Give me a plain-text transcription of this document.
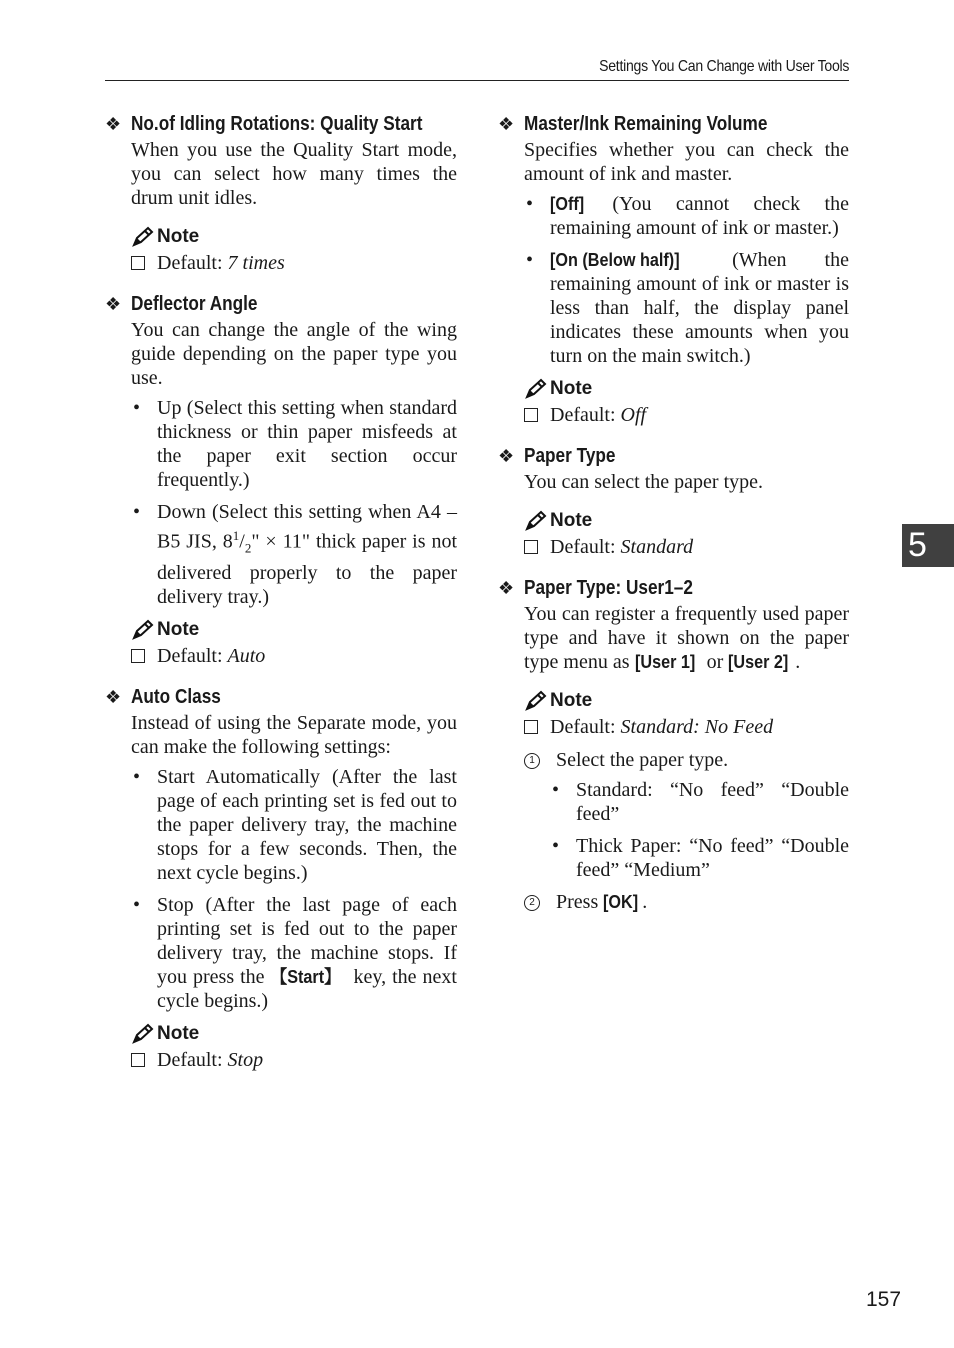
Settings You Can Change with User Tools
5
❖ No.of Idling Rotations: Quality Start

When you use the Quality Start mode, you can select how many times the drum unit idles.

Note
Default:
7 times
❖ Deflector Angle

You can change the angle of the wing guide depending on the paper type you use.

• Up (Select this setting when standard thickness or thin paper misfeeds at the paper exit section occur frequently.)
• Down (Select this setting when A4 – B5 JIS, $8^1/_2$" × 11" thick paper is not delivered properly to the paper delivery tray.)
Note
Default:
Auto
❖ Auto Class

Instead of using the Separate mode, you can make the following settings:

• Start Automatically (After the last page of each printing set is fed out to the paper delivery tray, the machine stops for a few seconds. Then, the next cycle begins.)
• Stop (After the last page of each printing set is fed out to the paper delivery tray, the machine stops. If you press the 【Start】 key, the next cycle begins.)
Note
Default:
Stop
❖ Master/Ink Remaining Volume

Specifies whether you can check the amount of ink and master.

• [Off] (You cannot check the remaining amount of ink or master.)
• [On (Below half)] (When the remaining amount of ink or master is less than half, the display panel indicates these amounts when you turn on the main switch.)
Note
Default:
Off
❖ Paper Type

You can select the paper type.

Note
Default:
Standard
❖ Paper Type: User1–2

You can register a frequently used paper type and have it shown on the paper type menu as [User 1] or [User 2] .

Note
Default:
Standard: No Feed
1 Select the paper type.
• Standard: “No feed” “Double feed”
• Thick Paper: “No feed” “Double feed” “Medium”
2 Press [OK] .
157
